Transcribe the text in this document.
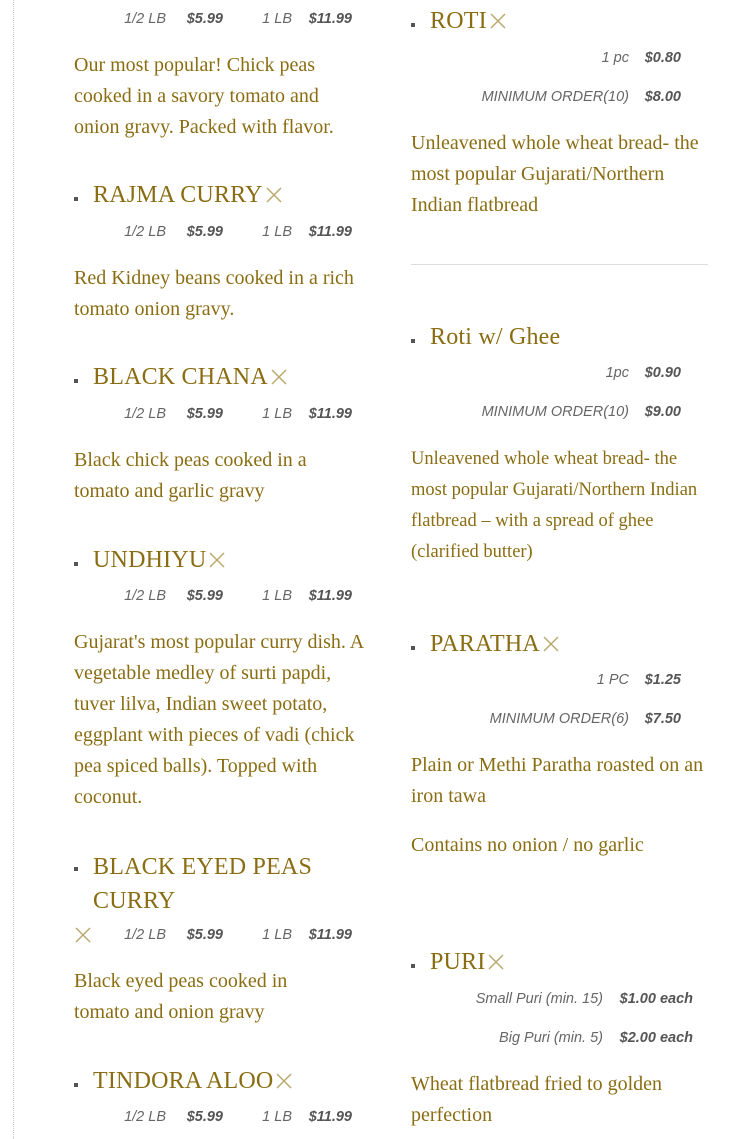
1/2 LB $5.99	1 LB $11.99
Our most popular! Chick peas cooked in a savory tomato and onion gravy. Packed with flavor.
RAJMA CURRY
1/2 LB $5.99	1 LB $11.99
Red Kidney beans cooked in a rich tomato onion gravy.
BLACK CHANA
1/2 LB $5.99	1 LB $11.99
Black chick peas cooked in a tomato and garlic gravy
UNDHIYU
1/2 LB $5.99	1 LB $11.99
Gujarat's most popular curry dish. A vegetable medley of surti papdi, tuver lilva, Indian sweet potato, eggplant with pieces of vadi (chick pea spiced balls). Topped with coconut.
BLACK EYED PEAS CURRY
1/2 LB $5.99	1 LB $11.99
Black eyed peas cooked in tomato and onion gravy
TINDORA ALOO
1/2 LB $5.99	1 LB $11.99
ROTI
1 pc $0.80
MINIMUM ORDER(10) $8.00
Unleavened whole wheat bread- the most popular Gujarati/Northern Indian flatbread
Roti w/ Ghee
1pc $0.90
MINIMUM ORDER(10) $9.00
Unleavened whole wheat bread- the most popular Gujarati/Northern Indian flatbread – with a spread of ghee (clarified butter)
PARATHA
1 PC $1.25
MINIMUM ORDER(6) $7.50
Plain or Methi Paratha roasted on an iron tawa
Contains no onion / no garlic
PURI
Small Puri (min. 15) $1.00 each
Big Puri (min. 5) $2.00 each
Wheat flatbread fried to golden perfection
